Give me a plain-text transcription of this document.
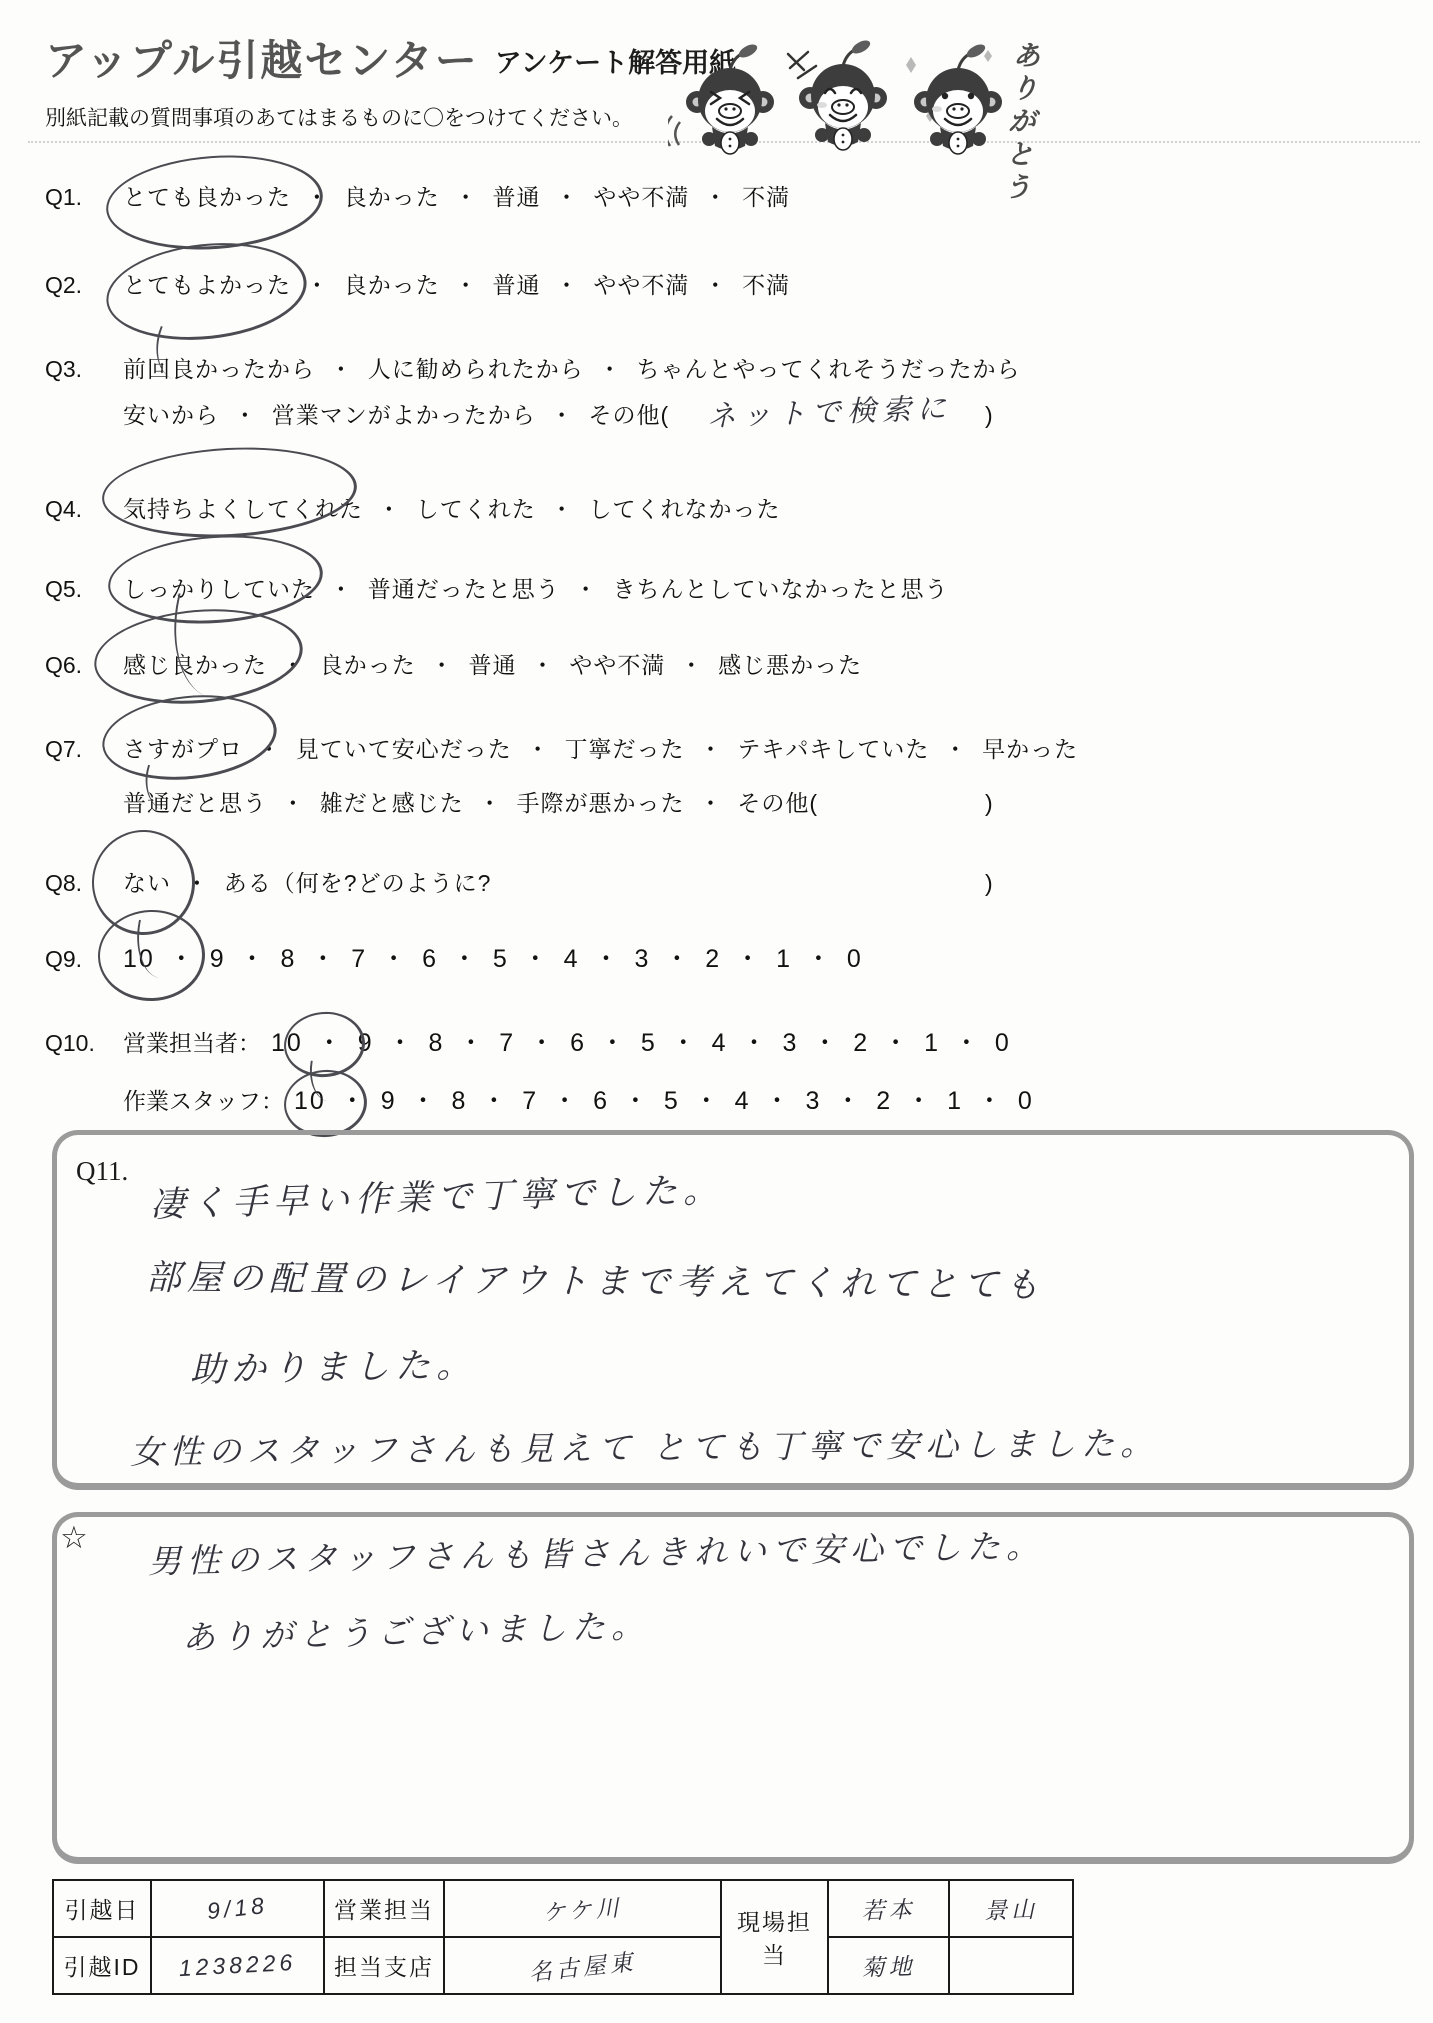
アップル引越センター アンケート解答用紙
別紙記載の質問事項のあてはまるものに〇をつけてください。	ありがとう
Q1.	とても良かった ・ 良かった ・ 普通 ・ やや不満 ・ 不満
Q2.	とてもよかった ・ 良かった ・ 普通 ・ やや不満 ・ 不満
Q3.	前回良かったから ・ 人に勧められたから ・ ちゃんとやってくれそうだったから
安いから ・ 営業マンがよかったから ・ その他( ネットで検索に )
Q4.	気持ちよくしてくれた ・ してくれた ・ してくれなかった
Q5.	しっかりしていた ・ 普通だったと思う ・ きちんとしていなかったと思う
Q6.	感じ良かった ・ 良かった ・ 普通 ・ やや不満 ・ 感じ悪かった
Q7.	さすがプロ ・ 見ていて安心だった ・ 丁寧だった ・ テキパキしていた ・ 早かった
普通だと思う ・ 雑だと感じた ・ 手際が悪かった ・ その他(	)
Q8.	ない ・ ある（何を?どのように?	)
Q9.	10 ・ 9 ・ 8 ・ 7 ・ 6 ・ 5 ・ 4 ・ 3 ・ 2 ・ 1 ・ 0
Q10.	営業担当者： 10 ・ 9 ・ 8 ・ 7 ・ 6 ・ 5 ・ 4 ・ 3 ・ 2 ・ 1 ・ 0
作業スタッフ： 10 ・ 9 ・ 8 ・ 7 ・ 6 ・ 5 ・ 4 ・ 3 ・ 2 ・ 1 ・ 0
Q11. 凄く手早い作業で丁寧でした。
部屋の配置のレイアウトまで考えてくれてとても
助かりました。
女性のスタッフさんも見えて とても丁寧で安心しました。
☆ 男性のスタッフさんも皆さんきれいで安心でした。
ありがとうございました。
引越日	9/18	営業担当	ケケ川	現場担当	若本	景山
引越ID	1238226	担当支店	名古屋東		菊地	
